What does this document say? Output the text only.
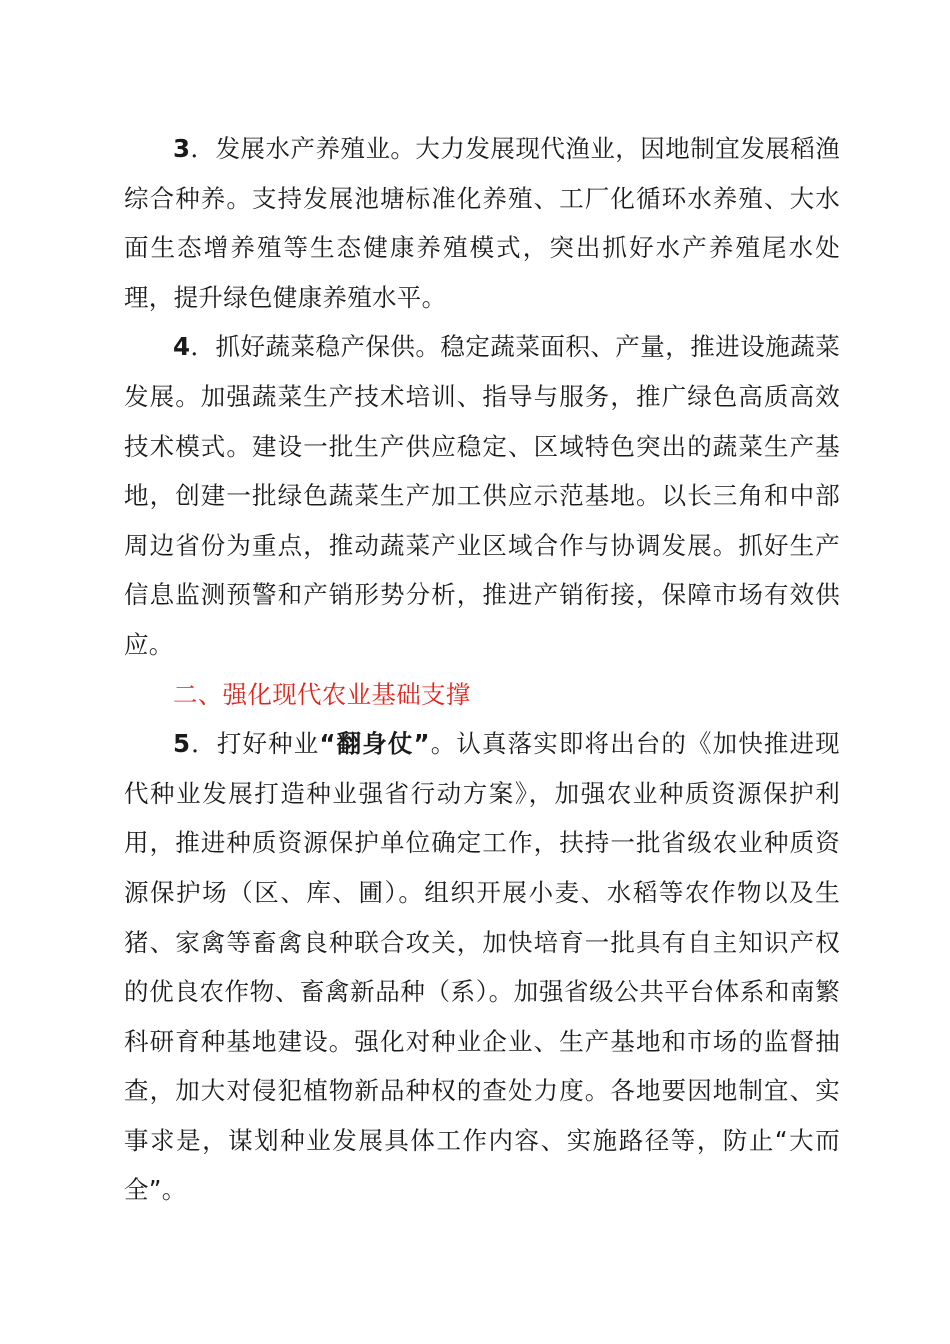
3．发展水产养殖业。大力发展现代渔业，因地制宜发展稻渔综合种养。支持发展池塘标准化养殖、工厂化循环水养殖、大水面生态增养殖等生态健康养殖模式，突出抓好水产养殖尾水处理，提升绿色健康养殖水平。

4．抓好蔬菜稳产保供。稳定蔬菜面积、产量，推进设施蔬菜发展。加强蔬菜生产技术培训、指导与服务，推广绿色高质高效技术模式。建设一批生产供应稳定、区域特色突出的蔬菜生产基地，创建一批绿色蔬菜生产加工供应示范基地。以长三角和中部周边省份为重点，推动蔬菜产业区域合作与协调发展。抓好生产信息监测预警和产销形势分析，推进产销衔接，保障市场有效供应。

二、强化现代农业基础支撑

5．打好种业“翻身仗”。认真落实即将出台的《加快推进现代种业发展打造种业强省行动方案》，加强农业种质资源保护利用，推进种质资源保护单位确定工作，扶持一批省级农业种质资源保护场（区、库、圃）。组织开展小麦、水稻等农作物以及生猪、家禽等畜禽良种联合攻关，加快培育一批具有自主知识产权的优良农作物、畜禽新品种（系）。加强省级公共平台体系和南繁科研育种基地建设。强化对种业企业、生产基地和市场的监督抽查，加大对侵犯植物新品种权的查处力度。各地要因地制宜、实事求是，谋划种业发展具体工作内容、实施路径等，防止“大而全”。
